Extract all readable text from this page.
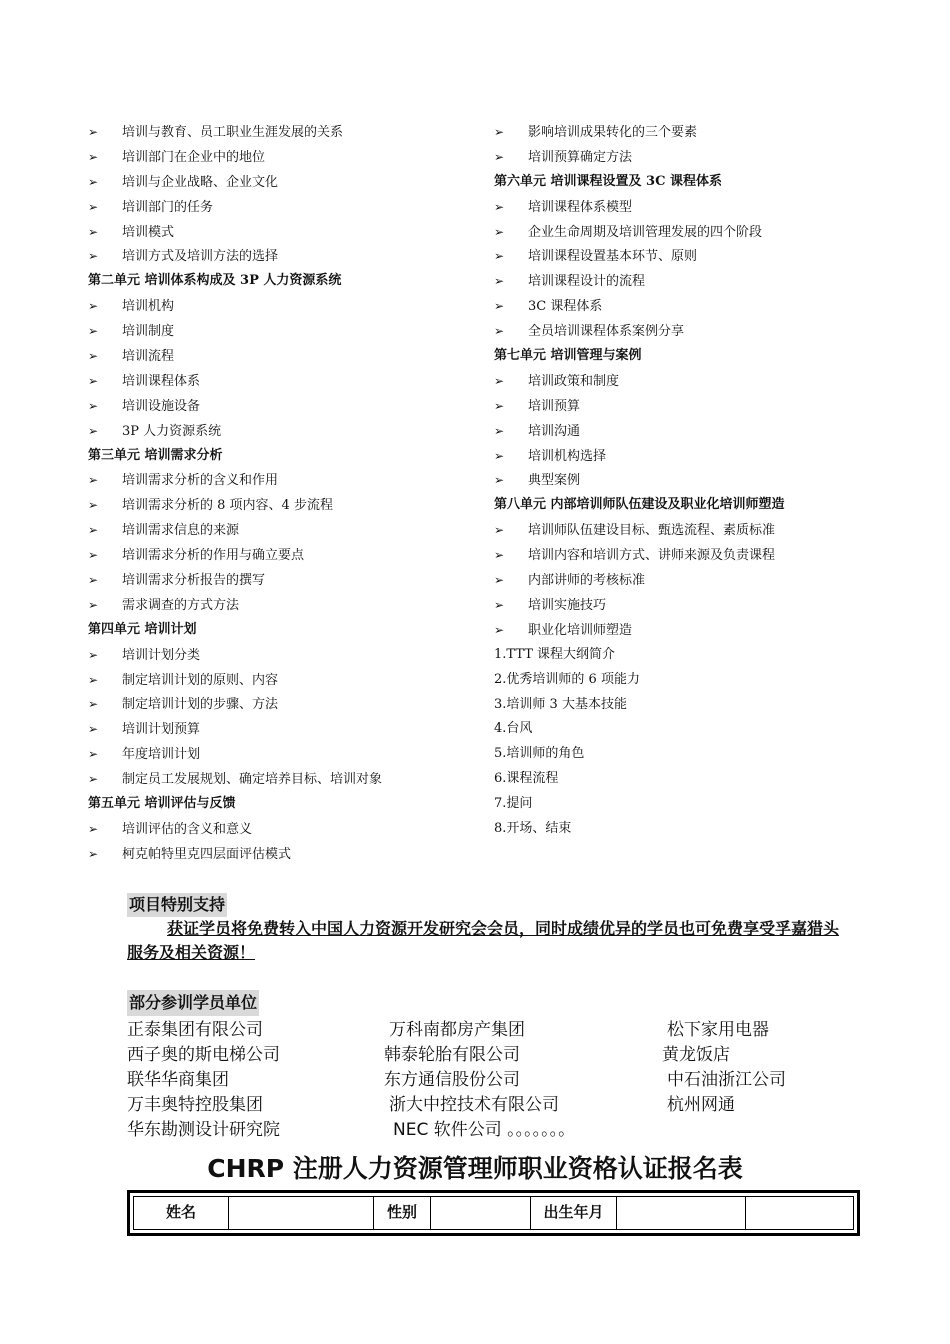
➢ 培训与教育、员工职业生涯发展的关系
➢ 培训部门在企业中的地位
➢ 培训与企业战略、企业文化
➢ 培训部门的任务
➢ 培训模式
➢ 培训方式及培训方法的选择
第二单元 培训体系构成及 3P 人力资源系统
➢ 培训机构
➢ 培训制度
➢ 培训流程
➢ 培训课程体系
➢ 培训设施设备
➢ 3P 人力资源系统
第三单元 培训需求分析
➢ 培训需求分析的含义和作用
➢ 培训需求分析的 8 项内容、4 步流程
➢ 培训需求信息的来源
➢ 培训需求分析的作用与确立要点
➢ 培训需求分析报告的撰写
➢ 需求调查的方式方法
第四单元 培训计划
➢ 培训计划分类
➢ 制定培训计划的原则、内容
➢ 制定培训计划的步骤、方法
➢ 培训计划预算
➢ 年度培训计划
➢ 制定员工发展规划、确定培养目标、培训对象
第五单元 培训评估与反馈
➢ 培训评估的含义和意义
➢ 柯克帕特里克四层面评估模式
➢ 影响培训成果转化的三个要素
➢ 培训预算确定方法
第六单元 培训课程设置及 3C 课程体系
➢ 培训课程体系模型
➢ 企业生命周期及培训管理发展的四个阶段
➢ 培训课程设置基本环节、原则
➢ 培训课程设计的流程
➢ 3C 课程体系
➢ 全员培训课程体系案例分享
第七单元 培训管理与案例
➢ 培训政策和制度
➢ 培训预算
➢ 培训沟通
➢ 培训机构选择
➢ 典型案例
第八单元 内部培训师队伍建设及职业化培训师塑造
➢ 培训师队伍建设目标、甄选流程、素质标准
➢ 培训内容和培训方式、讲师来源及负责课程
➢ 内部讲师的考核标准
➢ 培训实施技巧
➢ 职业化培训师塑造
1.TTT 课程大纲简介
2.优秀培训师的 6 项能力
3.培训师 3 大基本技能
4.台风
5.培训师的角色
6.课程流程
7.提问
8.开场、结束
项目特别支持
获证学员将免费转入中国人力资源开发研究会会员，同时成绩优异的学员也可免费享受孚嘉猎头服务及相关资源！
部分参训学员单位
正泰集团有限公司	万科南都房产集团	松下家用电器
西子奥的斯电梯公司	韩泰轮胎有限公司	黄龙饭店
联华华商集团	东方通信股份公司	中石油浙江公司
万丰奥特控股集团	浙大中控技术有限公司	杭州网通
华东勘测设计研究院	NEC 软件公司 。。。。。。。
CHRP 注册人力资源管理师职业资格认证报名表
姓名	性别	出生年月
